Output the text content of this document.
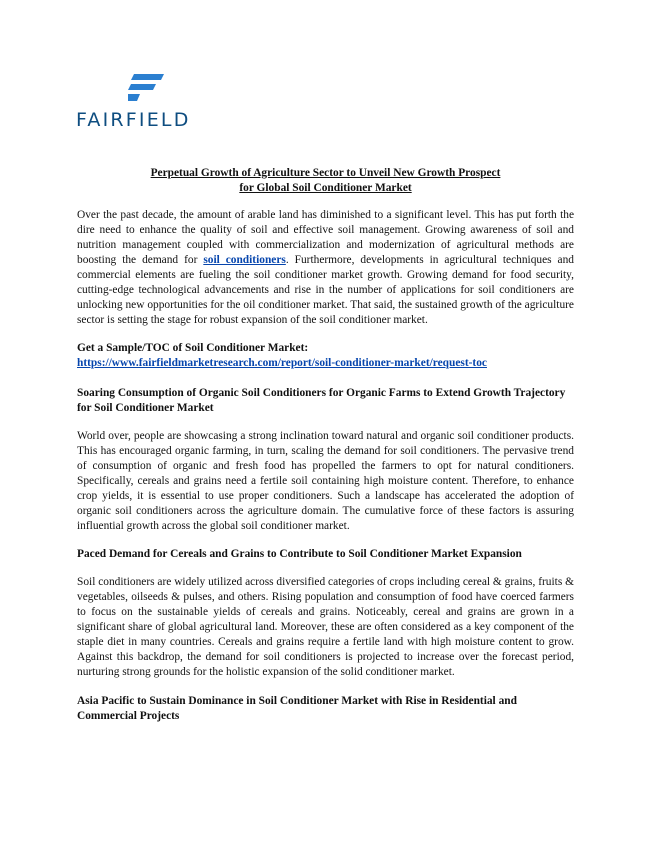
FAIRFIELD
Perpetual Growth of Agriculture Sector to Unveil New Growth Prospect
for Global Soil Conditioner Market

Over the past decade, the amount of arable land has diminished to a significant level. This has put forth the dire need to enhance the quality of soil and effective soil management. Growing awareness of soil and nutrition management coupled with commercialization and modernization of agricultural methods are boosting the demand for soil conditioners. Furthermore, developments in agricultural techniques and commercial elements are fueling the soil conditioner market growth. Growing demand for food security, cutting-edge technological advancements and rise in the number of applications for soil conditioners are unlocking new opportunities for the oil conditioner market. That said, the sustained growth of the agriculture sector is setting the stage for robust expansion of the soil conditioner market.

Get a Sample/TOC of Soil Conditioner Market:
https://www.fairfieldmarketresearch.com/report/soil-conditioner-market/request-toc

Soaring Consumption of Organic Soil Conditioners for Organic Farms to Extend Growth Trajectory for Soil Conditioner Market

World over, people are showcasing a strong inclination toward natural and organic soil conditioner products. This has encouraged organic farming, in turn, scaling the demand for soil conditioners. The pervasive trend of consumption of organic and fresh food has propelled the farmers to opt for natural conditioners. Specifically, cereals and grains need a fertile soil containing high moisture content. Therefore, to enhance crop yields, it is essential to use proper conditioners. Such a landscape has accelerated the adoption of organic soil conditioners across the agriculture domain. The cumulative force of these factors is assuring influential growth across the global soil conditioner market.

Paced Demand for Cereals and Grains to Contribute to Soil Conditioner Market Expansion

Soil conditioners are widely utilized across diversified categories of crops including cereal & grains, fruits & vegetables, oilseeds & pulses, and others. Rising population and consumption of food have coerced farmers to focus on the sustainable yields of cereals and grains. Noticeably, cereal and grains are grown in a significant share of global agricultural land. Moreover, these are often considered as a key component of the staple diet in many countries. Cereals and grains require a fertile land with high moisture content to grow. Against this backdrop, the demand for soil conditioners is projected to increase over the forecast period, nurturing strong grounds for the holistic expansion of the solid conditioner market.

Asia Pacific to Sustain Dominance in Soil Conditioner Market with Rise in Residential and Commercial Projects
